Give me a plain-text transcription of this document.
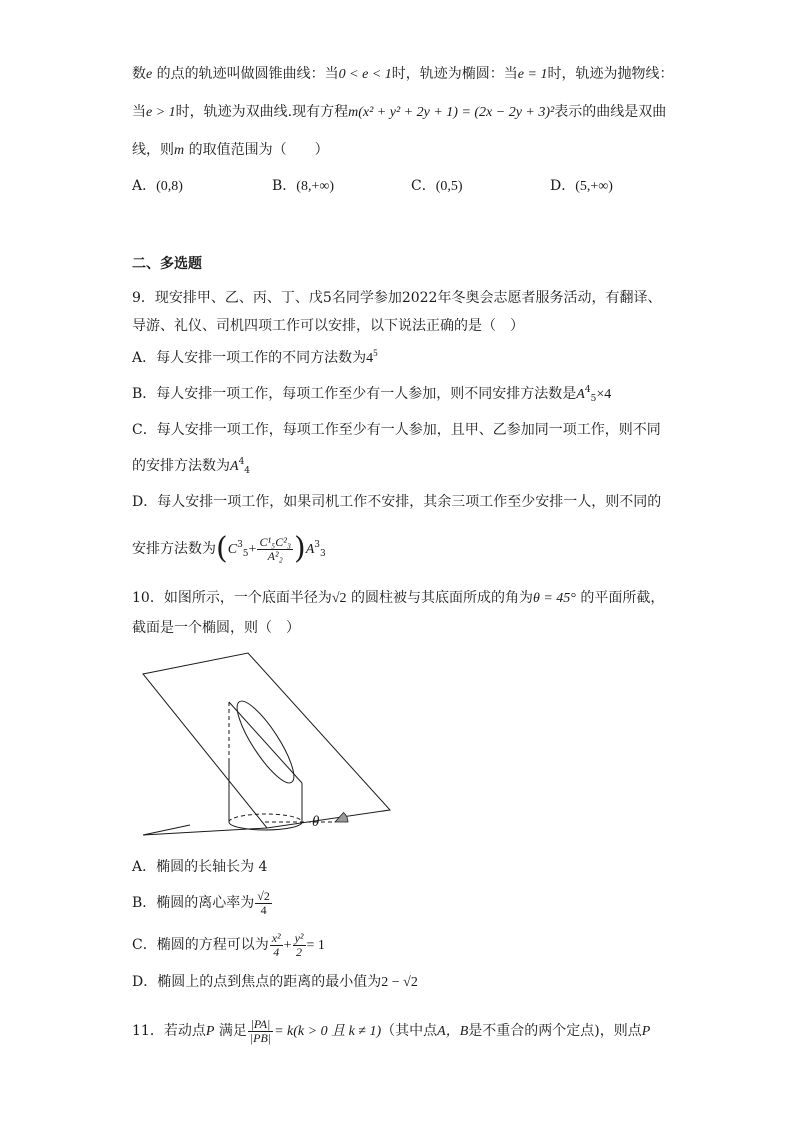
数e 的点的轨迹叫做圆锥曲线：当0 < e < 1时，轨迹为椭圆：当e = 1时，轨迹为抛物线：
当e > 1时，轨迹为双曲线.现有方程m(x² + y² + 2y + 1) = (2x − 2y + 3)²表示的曲线是双曲
线，则m 的取值范围为（　　）
A．(0,8)	B．(8,+∞)	C．(0,5)	D．(5,+∞)
二、多选题
9．现安排甲、乙、丙、丁、戊5名同学参加2022年冬奥会志愿者服务活动，有翻译、
导游、礼仪、司机四项工作可以安排，以下说法正确的是（　）
A．每人安排一项工作的不同方法数为$4^5$
B．每人安排一项工作，每项工作至少有一人参加，则不同安排方法数是$A^4_5\times 4$
C．每人安排一项工作，每项工作至少有一人参加，且甲、乙参加同一项工作，则不同
的安排方法数为$A^4_4$
D．每人安排一项工作，如果司机工作不安排，其余三项工作至少安排一人，则不同的
安排方法数为$(C^3_5+ \frac{\text{C¹₅C²₃}}{\text{A²₂}} )A^3_3$
10．如图所示，一个底面半径为√2 的圆柱被与其底面所成的角为θ = 45° 的平面所截，
截面是一个椭圆，则（　）
θ
A．椭圆的长轴长为 4
B．椭圆的离心率为 $\frac{√2}{4}$
C．椭圆的方程可以为 $\frac{\text{x²}}{4} + \frac{\text{y²}}{2} = 1$
D．椭圆上的点到焦点的距离的最小值为2 − √2
11．若动点P 满足 $\frac{|PA|}{|PB|} = k(k > 0$ 且 k ≠ 1)（其中点A，B是不重合的两个定点)，则点P
